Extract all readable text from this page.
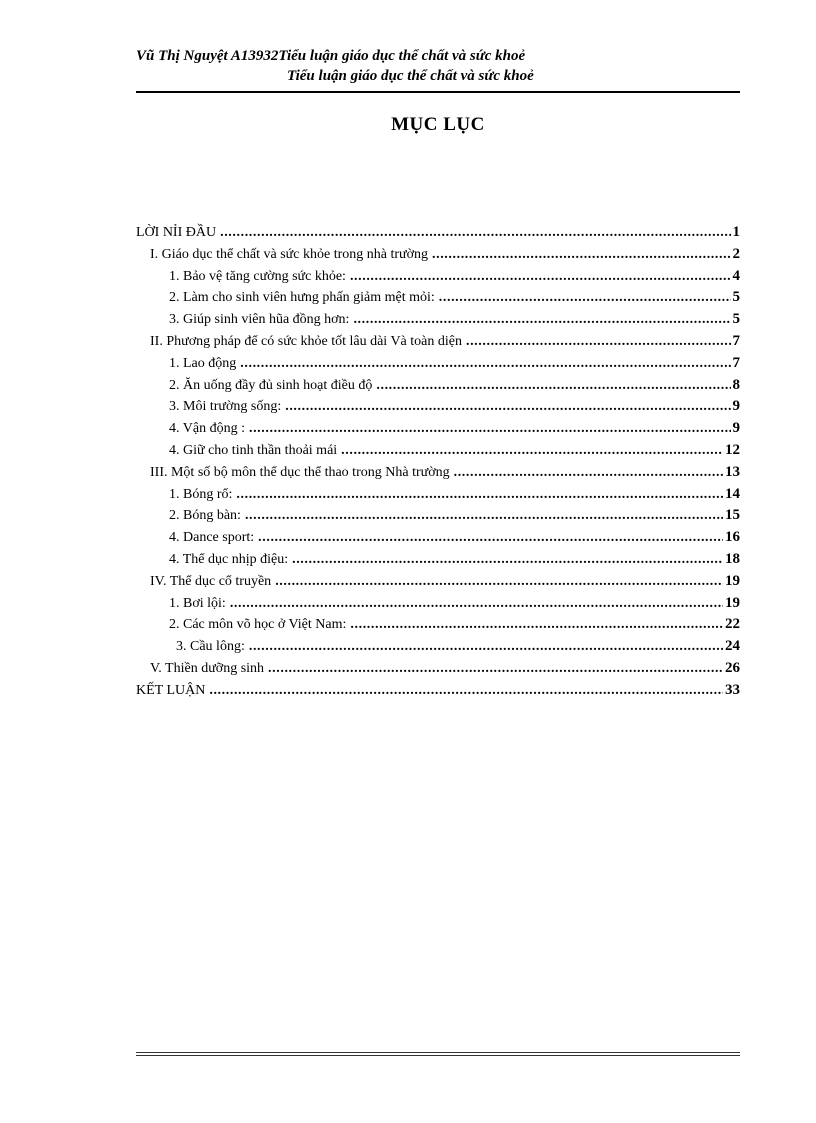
Vũ Thị Nguyệt A13932Tiểu luận giáo dục thể chất và sức khoẻ
Tiểu luận giáo dục thể chất và sức khoẻ
MỤC LỤC
LỜI NỈI ĐẦU .....	1
I. Giáo dục thể chất và sức khỏe trong nhà trường .....	2
1. Bảo vệ tăng cường sức khỏe: .....	4
2. Làm cho sinh viên hưng phấn giảm mệt mỏi: .....	5
3. Giúp sinh viên hũa đồng hơn: .....	5
II. Phương pháp để có sức khỏe tốt lâu dài Và toàn diện .....	7
1. Lao động .....	7
2. Ăn uống đầy đủ sinh hoạt điều độ .....	8
3. Môi trường sống: .....	9
4. Vận động : .....	9
4. Giữ cho tinh thần thoải mái .....	12
III. Một số bộ môn thể dục thể thao trong Nhà trường .....	13
1. Bóng rổ: .....	14
2. Bóng bàn: .....	15
4. Dance sport: .....	16
4. Thể dục nhịp điệu: .....	18
IV. Thể dục cổ truyền .....	19
1. Bơi lội: .....	19
2. Các môn võ học ở Việt Nam: .....	22
3. Cầu lông: .....	24
V. Thiền dưỡng sinh .....	26
KẾT LUẬN .....	33
